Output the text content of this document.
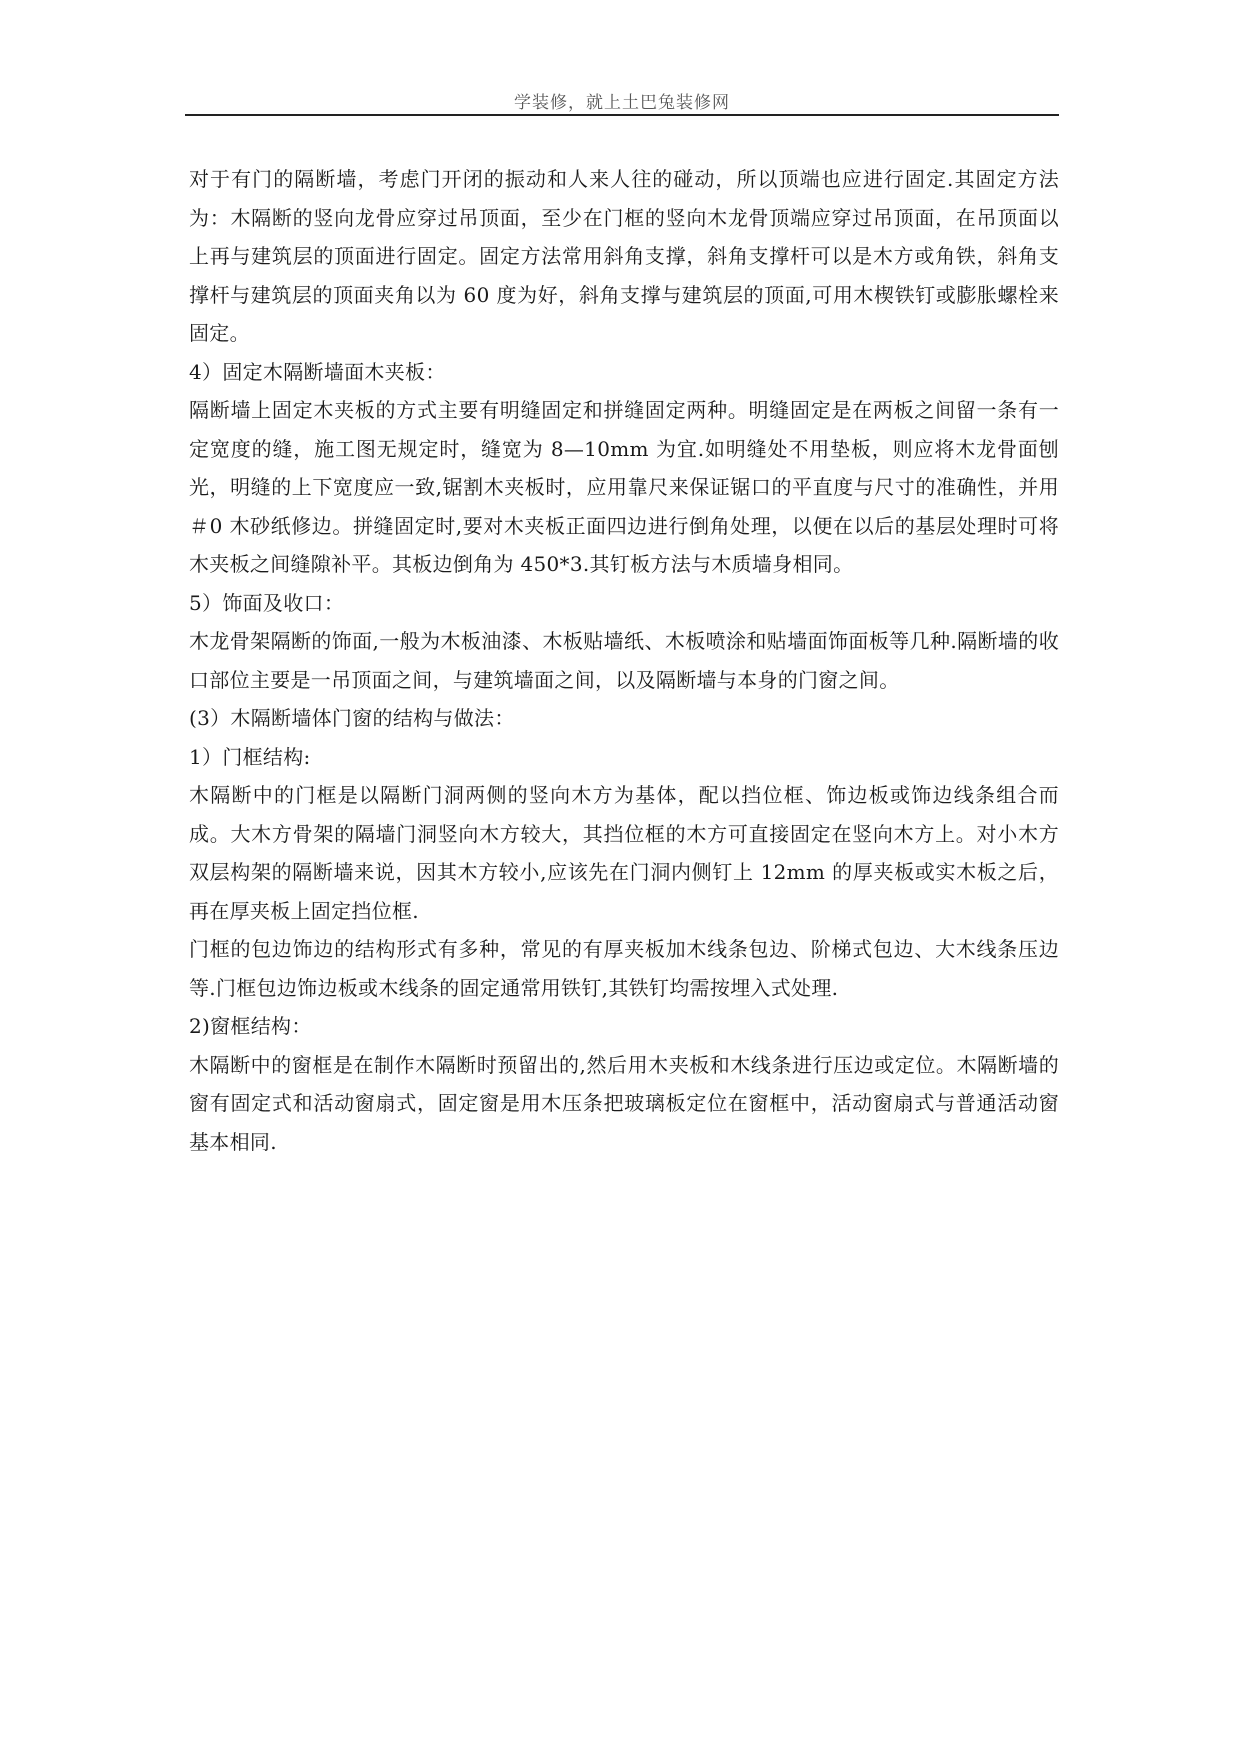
学装修，就上土巴兔装修网

对于有门的隔断墙，考虑门开闭的振动和人来人往的碰动，所以顶端也应进行固定.其固定方法为：木隔断的竖向龙骨应穿过吊顶面，至少在门框的竖向木龙骨顶端应穿过吊顶面，在吊顶面以上再与建筑层的顶面进行固定。固定方法常用斜角支撑，斜角支撑杆可以是木方或角铁，斜角支撑杆与建筑层的顶面夹角以为 60 度为好，斜角支撑与建筑层的顶面,可用木楔铁钉或膨胀螺栓来固定。

4）固定木隔断墙面木夹板：

隔断墙上固定木夹板的方式主要有明缝固定和拼缝固定两种。明缝固定是在两板之间留一条有一定宽度的缝，施工图无规定时，缝宽为 8—10mm 为宜.如明缝处不用垫板，则应将木龙骨面刨光，明缝的上下宽度应一致,锯割木夹板时，应用靠尺来保证锯口的平直度与尺寸的准确性，并用＃0 木砂纸修边。拼缝固定时,要对木夹板正面四边进行倒角处理，以便在以后的基层处理时可将木夹板之间缝隙补平。其板边倒角为 450*3.其钉板方法与木质墙身相同。

5）饰面及收口：

木龙骨架隔断的饰面,一般为木板油漆、木板贴墙纸、木板喷涂和贴墙面饰面板等几种.隔断墙的收口部位主要是一吊顶面之间，与建筑墙面之间，以及隔断墙与本身的门窗之间。

(3）木隔断墙体门窗的结构与做法：

1）门框结构:

木隔断中的门框是以隔断门洞两侧的竖向木方为基体，配以挡位框、饰边板或饰边线条组合而成。大木方骨架的隔墙门洞竖向木方较大，其挡位框的木方可直接固定在竖向木方上。对小木方双层构架的隔断墙来说，因其木方较小,应该先在门洞内侧钉上 12mm 的厚夹板或实木板之后，再在厚夹板上固定挡位框.

门框的包边饰边的结构形式有多种，常见的有厚夹板加木线条包边、阶梯式包边、大木线条压边等.门框包边饰边板或木线条的固定通常用铁钉,其铁钉均需按埋入式处理.

2)窗框结构：

木隔断中的窗框是在制作木隔断时预留出的,然后用木夹板和木线条进行压边或定位。木隔断墙的窗有固定式和活动窗扇式，固定窗是用木压条把玻璃板定位在窗框中，活动窗扇式与普通活动窗基本相同.
